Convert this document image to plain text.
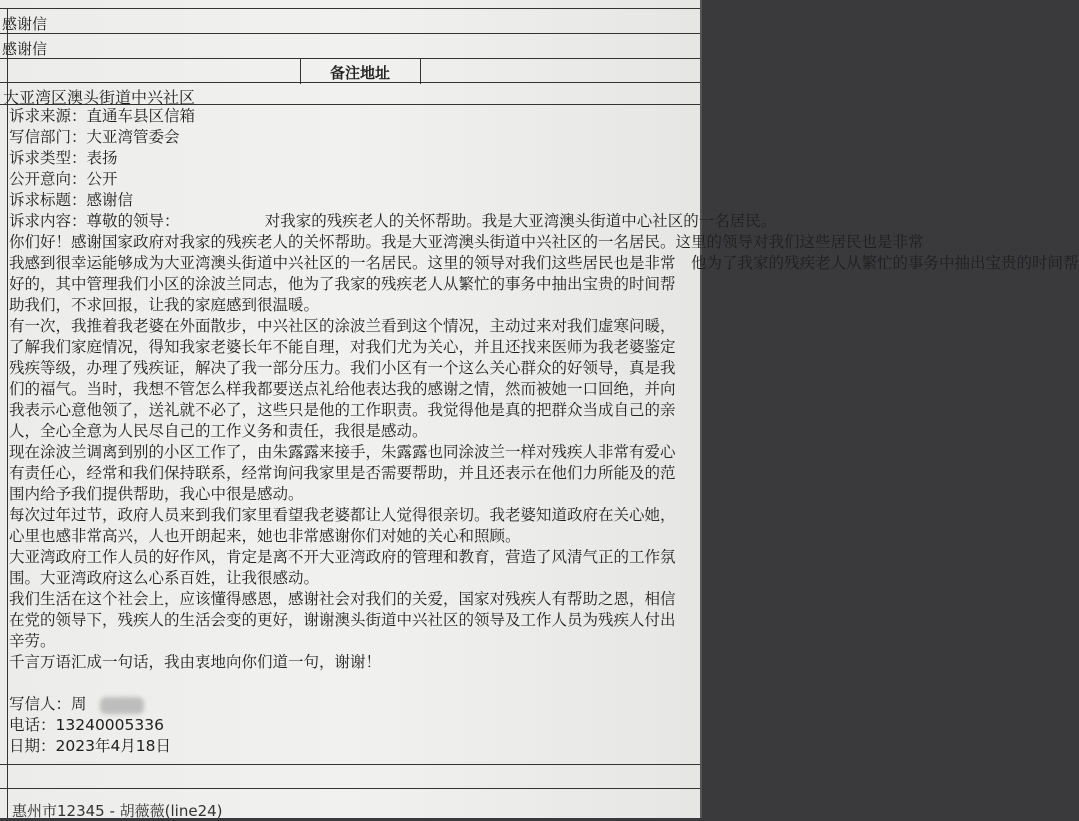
感谢信
感谢信
备注地址
大亚湾区澳头街道中兴社区
诉求来源：直通车县区信箱
写信部门：大亚湾管委会
诉求类型：表扬
公开意向：公开
诉求标题：感谢信
诉求内容：尊敬的领导：　　　　　　对我家的残疾老人的关怀帮助。我是大亚湾澳头街道中心社区的一名居民。
你们好！感谢国家政府对我家的残疾老人的关怀帮助。我是大亚湾澳头街道中兴社区的一名居民。这里的领导对我们这些居民也是非常
我感到很幸运能够成为大亚湾澳头街道中兴社区的一名居民。这里的领导对我们这些居民也是非常　他为了我家的残疾老人从繁忙的事务中抽出宝贵的时间帮
好的，其中管理我们小区的涂波兰同志，他为了我家的残疾老人从繁忙的事务中抽出宝贵的时间帮
助我们，不求回报，让我的家庭感到很温暖。
有一次，我推着我老婆在外面散步，中兴社区的涂波兰看到这个情况，主动过来对我们虚寒问暖，
了解我们家庭情况，得知我家老婆长年不能自理，对我们尤为关心，并且还找来医师为我老婆鉴定
残疾等级，办理了残疾证，解决了我一部分压力。我们小区有一个这么关心群众的好领导，真是我
们的福气。当时，我想不管怎么样我都要送点礼给他表达我的感谢之情，然而被她一口回绝，并向
我表示心意他领了，送礼就不必了，这些只是他的工作职责。我觉得他是真的把群众当成自己的亲
人，全心全意为人民尽自己的工作义务和责任，我很是感动。
现在涂波兰调离到别的小区工作了，由朱露露来接手，朱露露也同涂波兰一样对残疾人非常有爱心
有责任心，经常和我们保持联系，经常询问我家里是否需要帮助，并且还表示在他们力所能及的范
围内给予我们提供帮助，我心中很是感动。
每次过年过节，政府人员来到我们家里看望我老婆都让人觉得很亲切。我老婆知道政府在关心她，
心里也感非常高兴，人也开朗起来，她也非常感谢你们对她的关心和照顾。
大亚湾政府工作人员的好作风，肯定是离不开大亚湾政府的管理和教育，营造了风清气正的工作氛
围。大亚湾政府这么心系百姓，让我很感动。
我们生活在这个社会上，应该懂得感恩，感谢社会对我们的关爱，国家对残疾人有帮助之恩，相信
在党的领导下，残疾人的生活会变的更好，谢谢澳头街道中兴社区的领导及工作人员为残疾人付出
辛劳。
千言万语汇成一句话，我由衷地向你们道一句，谢谢！
写信人：周
电话：13240005336
日期：2023年4月18日
惠州市12345 - 胡薇薇(line24)
